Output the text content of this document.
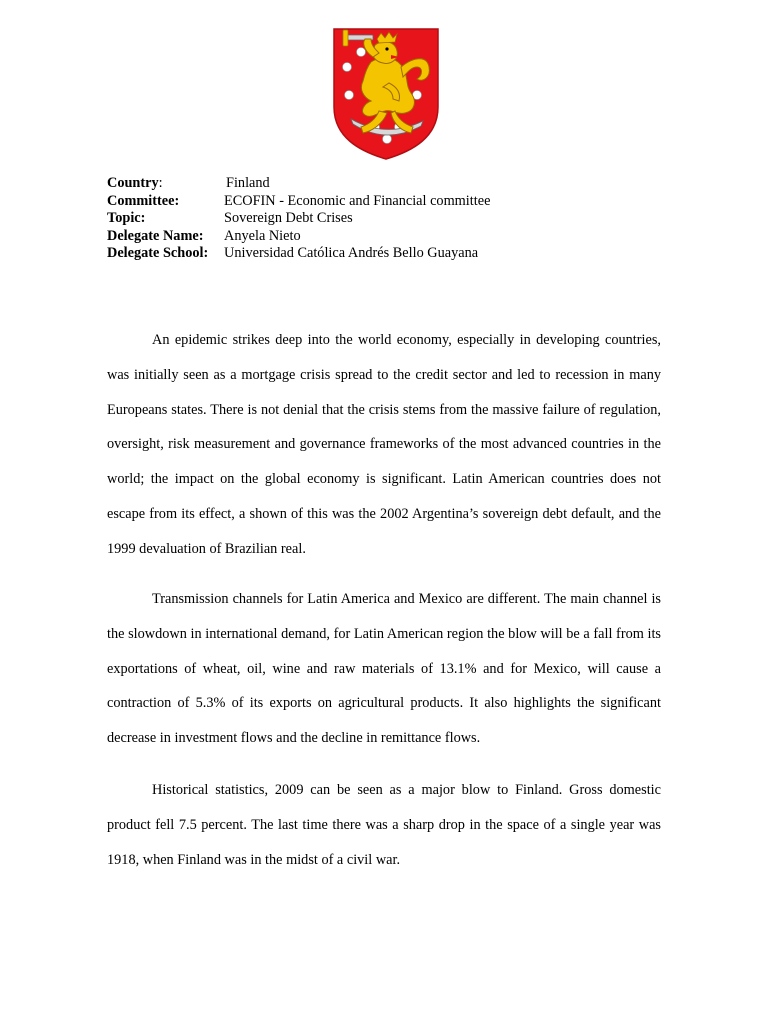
Country:	Finland
Committee:	ECOFIN - Economic and Financial committee
Topic:	Sovereign Debt Crises
Delegate Name:	Anyela Nieto
Delegate School:	Universidad Católica Andrés Bello Guayana

An epidemic strikes deep into the world economy, especially in developing countries, was initially seen as a mortgage crisis spread to the credit sector and led to recession in many Europeans states. There is not denial that the crisis stems from the massive failure of regulation, oversight, risk measurement and governance frameworks of the most advanced countries in the world; the impact on the global economy is significant. Latin American countries does not escape from its effect, a shown of this was the 2002 Argentina’s sovereign debt default, and the 1999 devaluation of Brazilian real.

Transmission channels for Latin America and Mexico are different. The main channel is the slowdown in international demand, for Latin American region the blow will be a fall from its exportations of wheat, oil, wine and raw materials of 13.1% and for Mexico, will cause a contraction of 5.3% of its exports on agricultural products. It also highlights the significant decrease in investment flows and the decline in remittance flows.

Historical statistics, 2009 can be seen as a major blow to Finland. Gross domestic product fell 7.5 percent. The last time there was a sharp drop in the space of a single year was 1918, when Finland was in the midst of a civil war.
